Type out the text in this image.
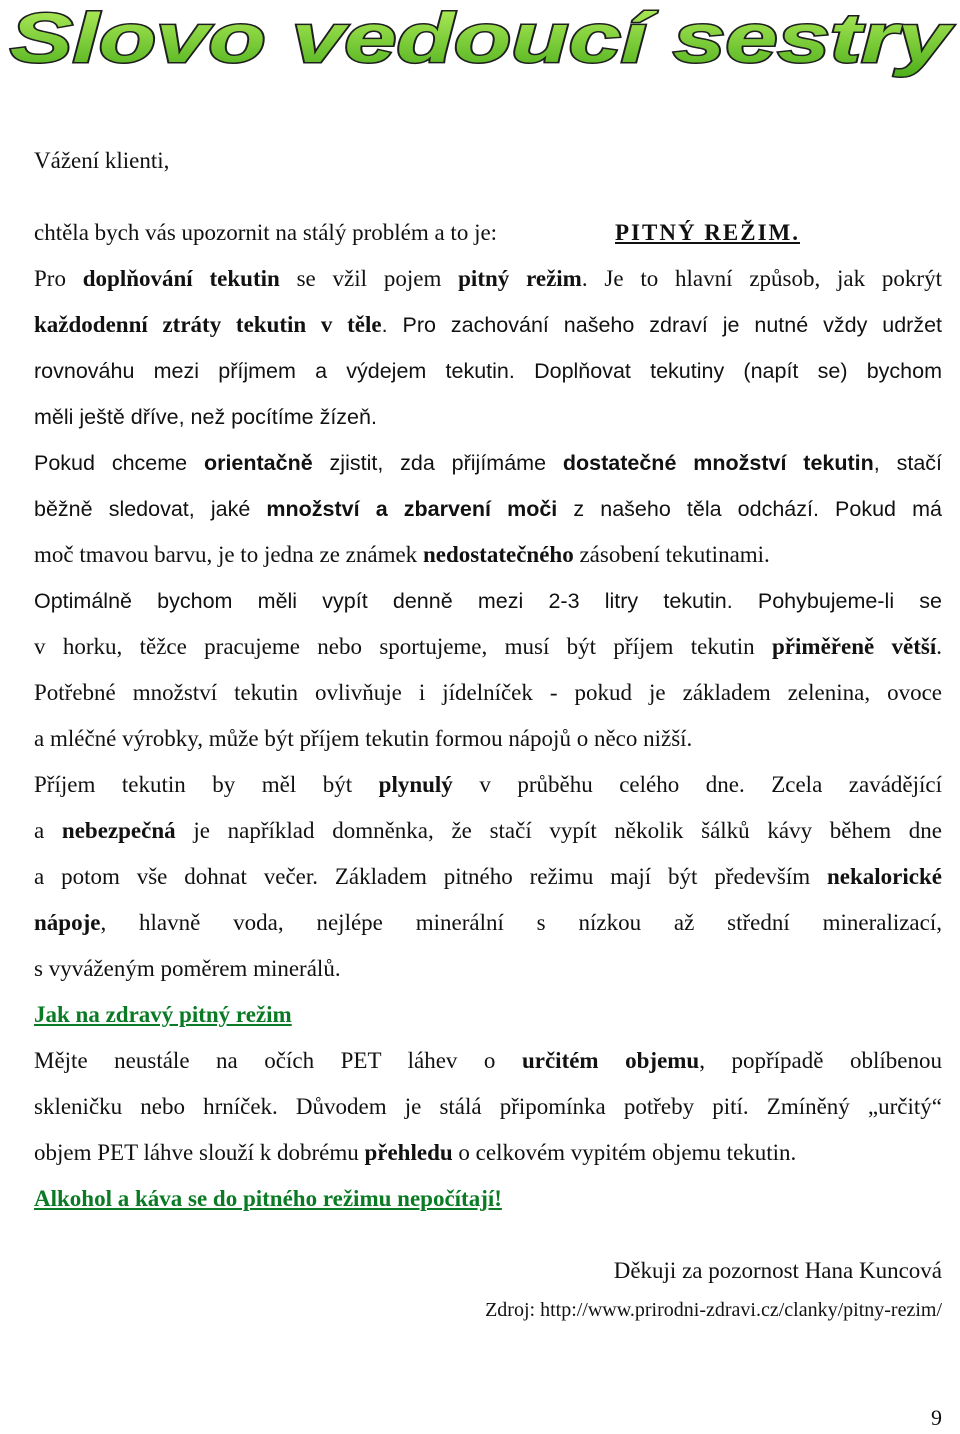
Slovo vedoucí sestry
Vážení klienti,
chtěla bych vás upozornit na stálý problém a to je:	PITNÝ REŽIM.
Pro doplňování tekutin se vžil pojem pitný režim. Je to hlavní způsob, jak pokrýt
každodenní ztráty tekutin v těle. Pro zachování našeho zdraví je nutné vždy udržet
rovnováhu mezi příjmem a výdejem tekutin. Doplňovat tekutiny (napít se) bychom
měli ještě dříve, než pocítíme žízeň.
Pokud chceme orientačně zjistit, zda přijímáme dostatečné množství tekutin, stačí
běžně sledovat, jaké množství a zbarvení moči z našeho těla odchází. Pokud má
moč tmavou barvu, je to jedna ze známek nedostatečného zásobení tekutinami.
Optimálně bychom měli vypít denně mezi 2-3 litry tekutin. Pohybujeme-li se
v horku, těžce pracujeme nebo sportujeme, musí být příjem tekutin přiměřeně větší.
Potřebné množství tekutin ovlivňuje i jídelníček - pokud je základem zelenina, ovoce
a mléčné výrobky, může být příjem tekutin formou nápojů o něco nižší.
Příjem tekutin by měl být plynulý v průběhu celého dne. Zcela zavádějící
a nebezpečná je například domněnka, že stačí vypít několik šálků kávy během dne
a potom vše dohnat večer. Základem pitného režimu mají být především nekalorické
nápoje, hlavně voda, nejlépe minerální s nízkou až střední mineralizací,
s vyváženým poměrem minerálů.
Jak na zdravý pitný režim
Mějte neustále na očích PET láhev o určitém objemu, popřípadě oblíbenou
skleničku nebo hrníček. Důvodem je stálá připomínka potřeby pití. Zmíněný „určitý“
objem PET láhve slouží k dobrému přehledu o celkovém vypitém objemu tekutin.
Alkohol a káva se do pitného režimu nepočítají!
Děkuji za pozornost Hana Kuncová
Zdroj: http://www.prirodni-zdravi.cz/clanky/pitny-rezim/
9
